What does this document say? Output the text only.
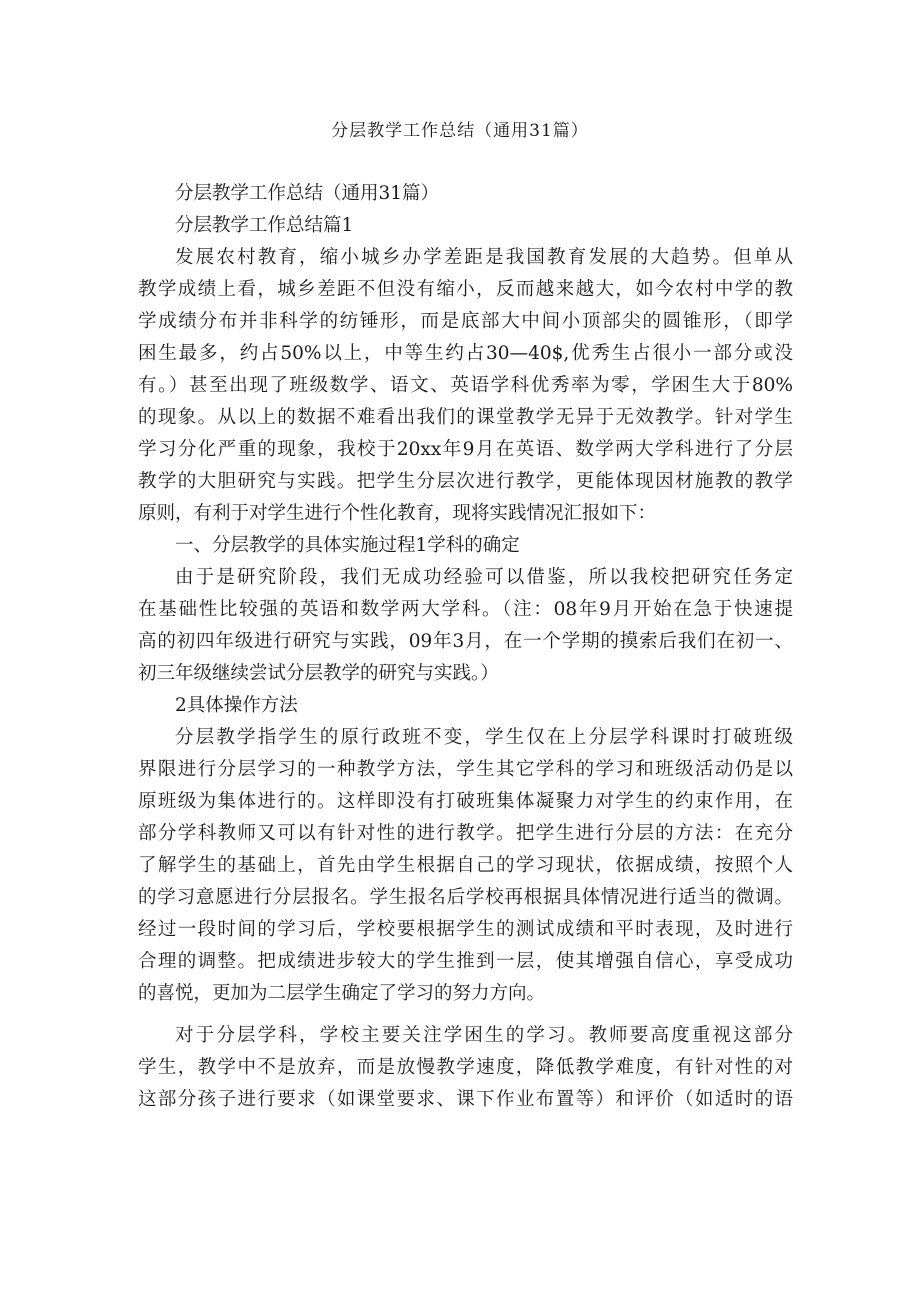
分层教学工作总结（通用31篇）
分层教学工作总结（通用31篇）
分层教学工作总结篇1
发展农村教育，缩小城乡办学差距是我国教育发展的大趋势。但单从
教学成绩上看，城乡差距不但没有缩小，反而越来越大，如今农村中学的教
学成绩分布并非科学的纺锤形，而是底部大中间小顶部尖的圆锥形，（即学
困生最多，约占50%以上，中等生约占30—40$,优秀生占很小一部分或没
有。）甚至出现了班级数学、语文、英语学科优秀率为零，学困生大于80%
的现象。从以上的数据不难看出我们的课堂教学无异于无效教学。针对学生
学习分化严重的现象，我校于20xx年9月在英语、数学两大学科进行了分层
教学的大胆研究与实践。把学生分层次进行教学，更能体现因材施教的教学
原则，有利于对学生进行个性化教育，现将实践情况汇报如下：
一、分层教学的具体实施过程1学科的确定
由于是研究阶段，我们无成功经验可以借鉴，所以我校把研究任务定
在基础性比较强的英语和数学两大学科。（注：08年9月开始在急于快速提
高的初四年级进行研究与实践，09年3月，在一个学期的摸索后我们在初一、
初三年级继续尝试分层教学的研究与实践。）
2具体操作方法
分层教学指学生的原行政班不变，学生仅在上分层学科课时打破班级
界限进行分层学习的一种教学方法，学生其它学科的学习和班级活动仍是以
原班级为集体进行的。这样即没有打破班集体凝聚力对学生的约束作用，在
部分学科教师又可以有针对性的进行教学。把学生进行分层的方法：在充分
了解学生的基础上，首先由学生根据自己的学习现状，依据成绩，按照个人
的学习意愿进行分层报名。学生报名后学校再根据具体情况进行适当的微调。
经过一段时间的学习后，学校要根据学生的测试成绩和平时表现，及时进行
合理的调整。把成绩进步较大的学生推到一层，使其增强自信心，享受成功
的喜悦，更加为二层学生确定了学习的努力方向。
对于分层学科，学校主要关注学困生的学习。教师要高度重视这部分
学生，教学中不是放弃，而是放慢教学速度，降低教学难度，有针对性的对
这部分孩子进行要求（如课堂要求、课下作业布置等）和评价（如适时的语
